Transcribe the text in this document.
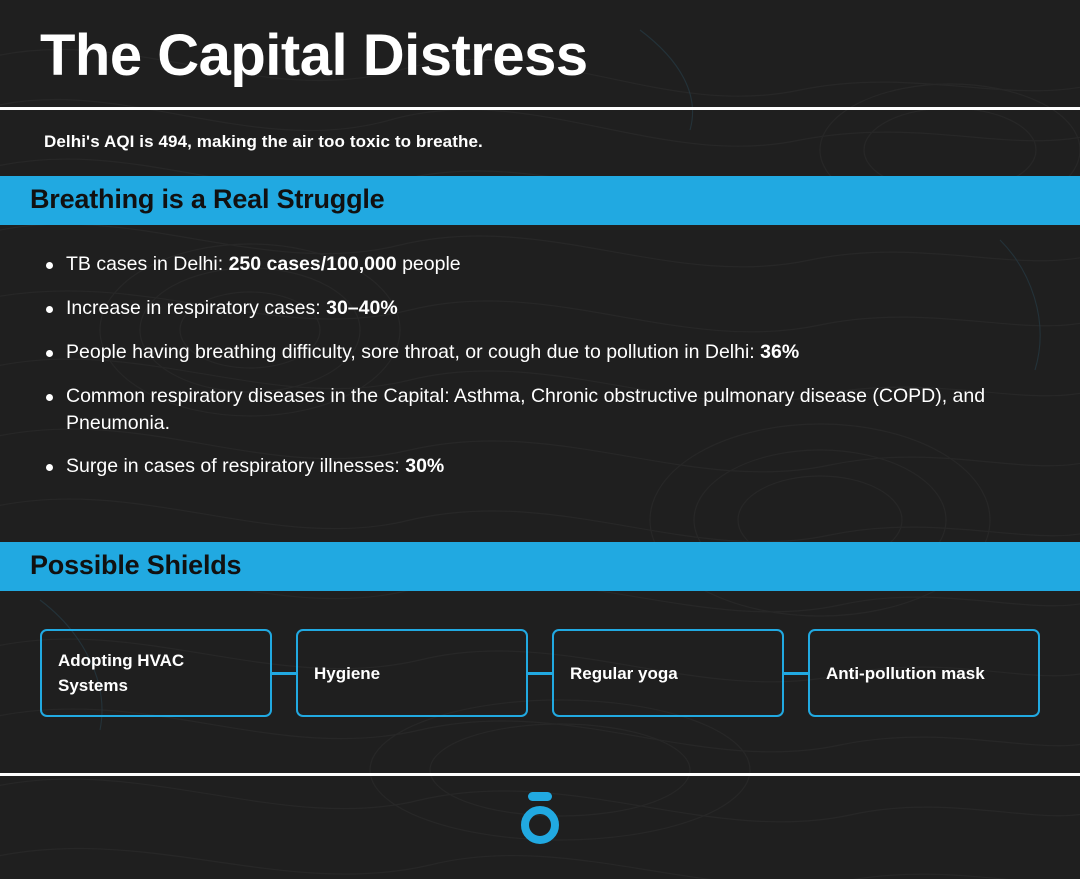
The Capital Distress
Delhi's AQI is 494, making the air too toxic to breathe.
Breathing is a Real Struggle
TB cases in Delhi: 250 cases/100,000 people
Increase in respiratory cases: 30–40%
People having breathing difficulty, sore throat, or cough due to pollution in Delhi: 36%
Common respiratory diseases in the Capital: Asthma, Chronic obstructive pulmonary disease (COPD), and Pneumonia.
Surge in cases of respiratory illnesses: 30%
Possible Shields
Adopting HVAC Systems
Hygiene	Regular yoga	Anti-pollution mask
